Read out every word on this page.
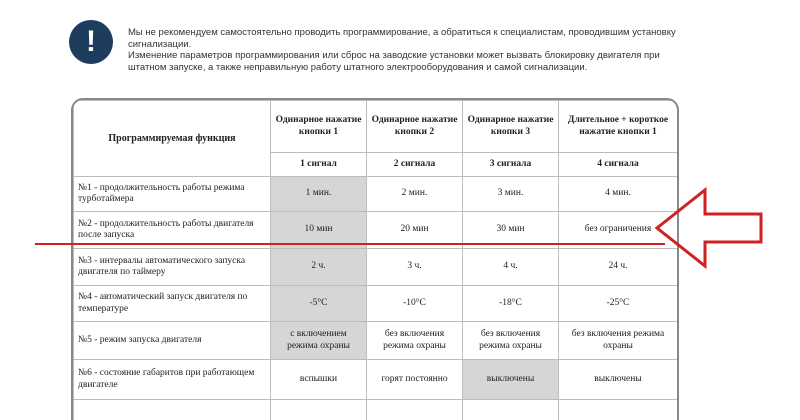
!	Мы не рекомендуем самостоятельно проводить программирование, а обратиться к специалистам, проводившим установку сигнализации.

Изменение параметров программирования или сброс на заводские установки может вызвать блокировку двигателя при штатном запуске, а также неправильную работу штатного электрооборудования и самой сигнализации.

Программируемая функция	Одинарное нажатие кнопки 1	Одинарное нажатие кнопки 2	Одинарное нажатие кнопки 3	Длительное + короткое нажатие кнопки 1
	1 сигнал	2 сигнала	3 сигнала	4 сигнала
№1 - продолжительность работы режима турботаймера	1 мин.	2 мин.	3 мин.	4 мин.
№2 - продолжительность работы двигателя после запуска	10 мин	20 мин	30 мин	без ограничения
№3 - интервалы автоматического запуска двигателя по таймеру	2 ч.	3 ч.	4 ч.	24 ч.
№4 - автоматический запуск двигателя по температуре	-5°С	-10°С	-18°С	-25°С
№5 - режим запуска двигателя	с включением режима охраны	без включения режима охраны	без включения режима охраны	без включения режима охраны
№6 - состояние габаритов при работающем двигателе	вспышки	горят постоянно	выключены	выключены
